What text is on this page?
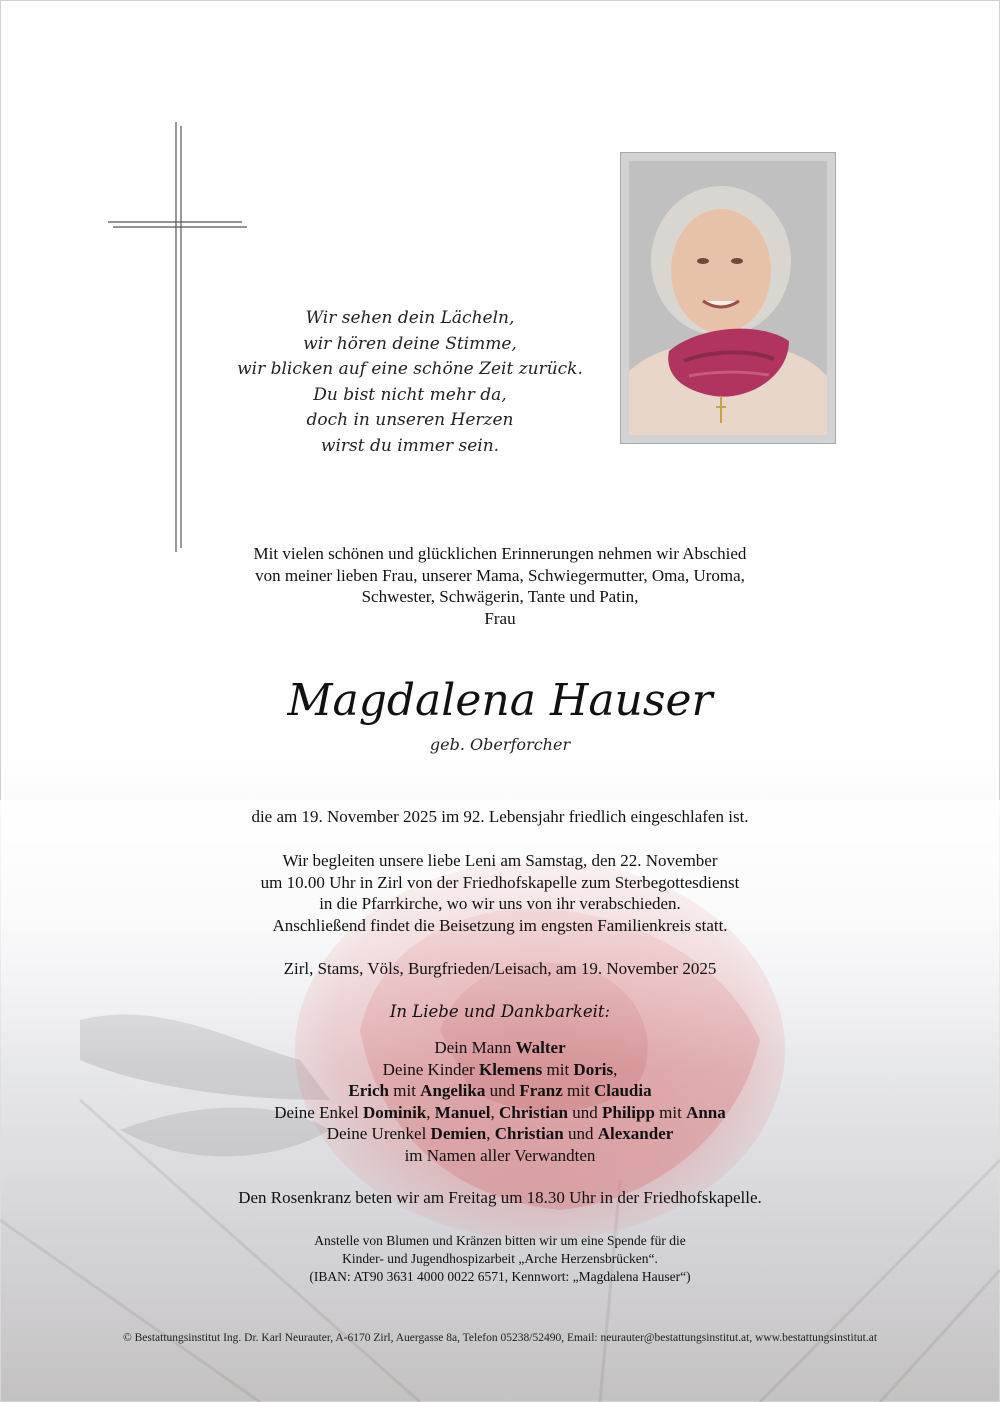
Wir sehen dein Lächeln,
wir hören deine Stimme,
wir blicken auf eine schöne Zeit zurück.
Du bist nicht mehr da,
doch in unseren Herzen
wirst du immer sein.
Mit vielen schönen und glücklichen Erinnerungen nehmen wir Abschied
von meiner lieben Frau, unserer Mama, Schwiegermutter, Oma, Uroma,
Schwester, Schwägerin, Tante und Patin,
Frau
Magdalena Hauser
geb. Oberforcher
die am 19. November 2025 im 92. Lebensjahr friedlich eingeschlafen ist.
Wir begleiten unsere liebe Leni am Samstag, den 22. November
um 10.00 Uhr in Zirl von der Friedhofskapelle zum Sterbegottesdienst
in die Pfarrkirche, wo wir uns von ihr verabschieden.
Anschließend findet die Beisetzung im engsten Familienkreis statt.
Zirl, Stams, Völs, Burgfrieden/Leisach, am 19. November 2025
In Liebe und Dankbarkeit:
Dein Mann Walter
Deine Kinder Klemens mit Doris,
Erich mit Angelika und Franz mit Claudia
Deine Enkel Dominik, Manuel, Christian und Philipp mit Anna
Deine Urenkel Demien, Christian und Alexander
im Namen aller Verwandten
Den Rosenkranz beten wir am Freitag um 18.30 Uhr in der Friedhofskapelle.
Anstelle von Blumen und Kränzen bitten wir um eine Spende für die
Kinder- und Jugendhospizarbeit „Arche Herzensbrücken“.
(IBAN: AT90 3631 4000 0022 6571, Kennwort: „Magdalena Hauser“)
© Bestattungsinstitut Ing. Dr. Karl Neurauter, A-6170 Zirl, Auergasse 8a, Telefon 05238/52490, Email: neurauter@bestattungsinstitut.at, www.bestattungsinstitut.at
